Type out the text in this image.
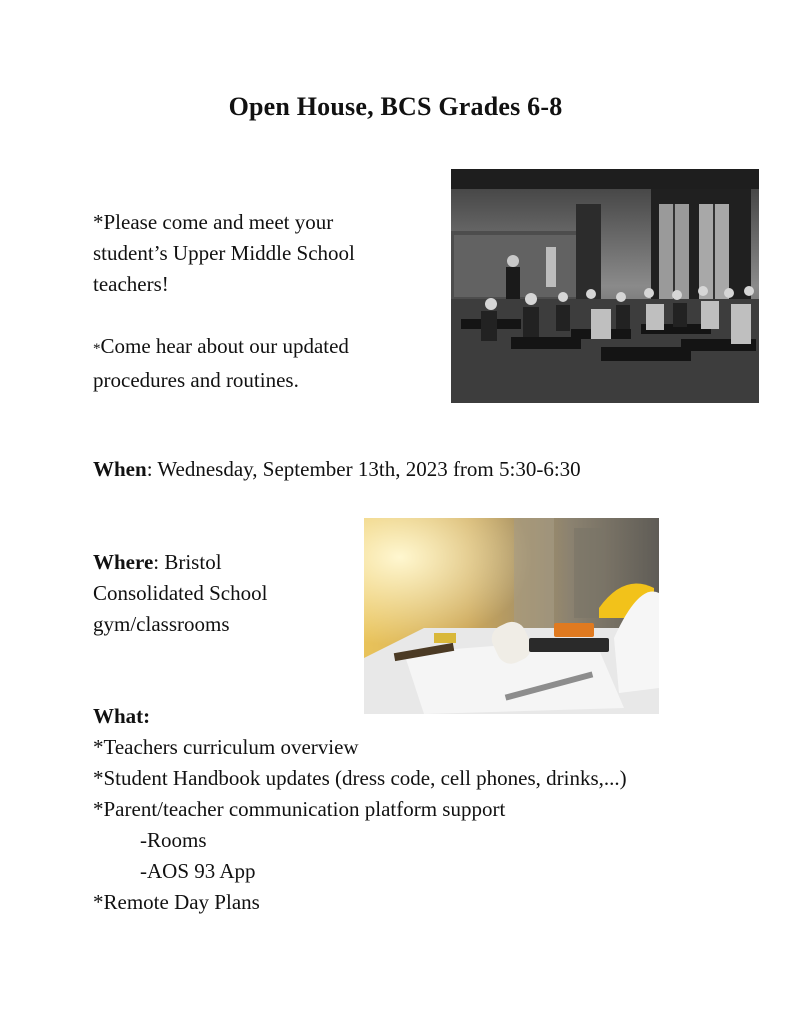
Open House, BCS Grades 6-8
*Please come and meet your
student’s Upper Middle School
teachers!
*Come hear about our updated
procedures and routines.
When: Wednesday, September 13th, 2023 from 5:30-6:30
Where: Bristol
Consolidated School
gym/classrooms
What:
*Teachers curriculum overview
*Student Handbook updates (dress code, cell phones, drinks,...)
*Parent/teacher communication platform support
-Rooms
-AOS 93 App
*Remote Day Plans
